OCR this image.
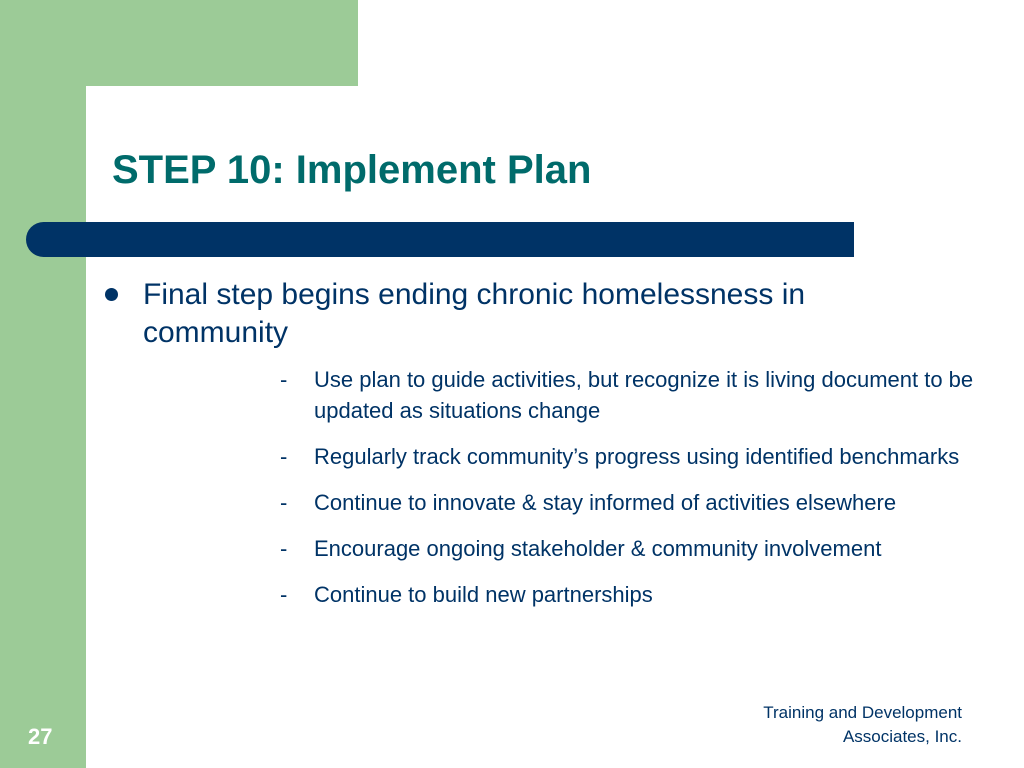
STEP 10: Implement Plan
Final step begins ending chronic homelessness in community
- Use plan to guide activities, but recognize it is living document to be updated as situations change
- Regularly track community’s progress using identified benchmarks
- Continue to innovate & stay informed of activities elsewhere
- Encourage ongoing stakeholder & community involvement
- Continue to build new partnerships
27
Training and Development
Associates, Inc.
